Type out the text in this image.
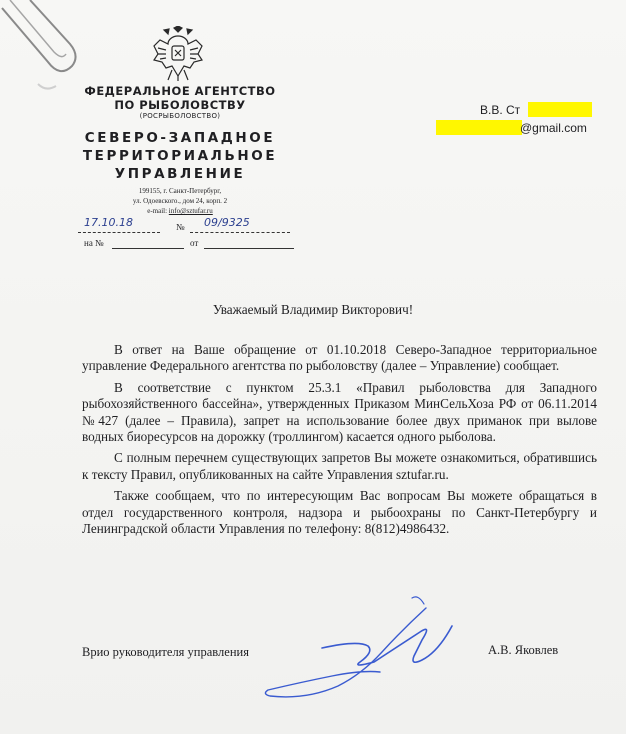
ФЕДЕРАЛЬНОЕ АГЕНТСТВО
ПО РЫБОЛОВСТВУ
(РОСРЫБОЛОВСТВО)
СЕВЕРО-ЗАПАДНОЕ
ТЕРРИТОРИАЛЬНОЕ
УПРАВЛЕНИЕ
199155, г. Санкт-Петербург,
ул. Одоевского., дом 24, корп. 2
e-mail: info@sztufar.ru
17.10.18	№ 09/9325
на №	от
В.В. Ст
@gmail.com
Уважаемый Владимир Викторович!

В ответ на Ваше обращение от 01.10.2018 Северо-Западное территориальное управление Федерального агентства по рыболовству (далее – Управление) сообщает.

В соответствие с пунктом 25.3.1 «Правил рыболовства для Западного рыбохозяйственного бассейна», утвержденных Приказом МинСельХоза РФ от 06.11.2014 №427 (далее – Правила), запрет на использование более двух приманок при вылове водных биоресурсов на дорожку (троллингом) касается одного рыболова.

С полным перечнем существующих запретов Вы можете ознакомиться, обратившись к тексту Правил, опубликованных на сайте Управления sztufar.ru.

Также сообщаем, что по интересующим Вас вопросам Вы можете обращаться в отдел государственного контроля, надзора и рыбоохраны по Санкт-Петербургу и Ленинградской области Управления по телефону: 8(812)4986432.

Врио руководителя управления	А.В. Яковлев
